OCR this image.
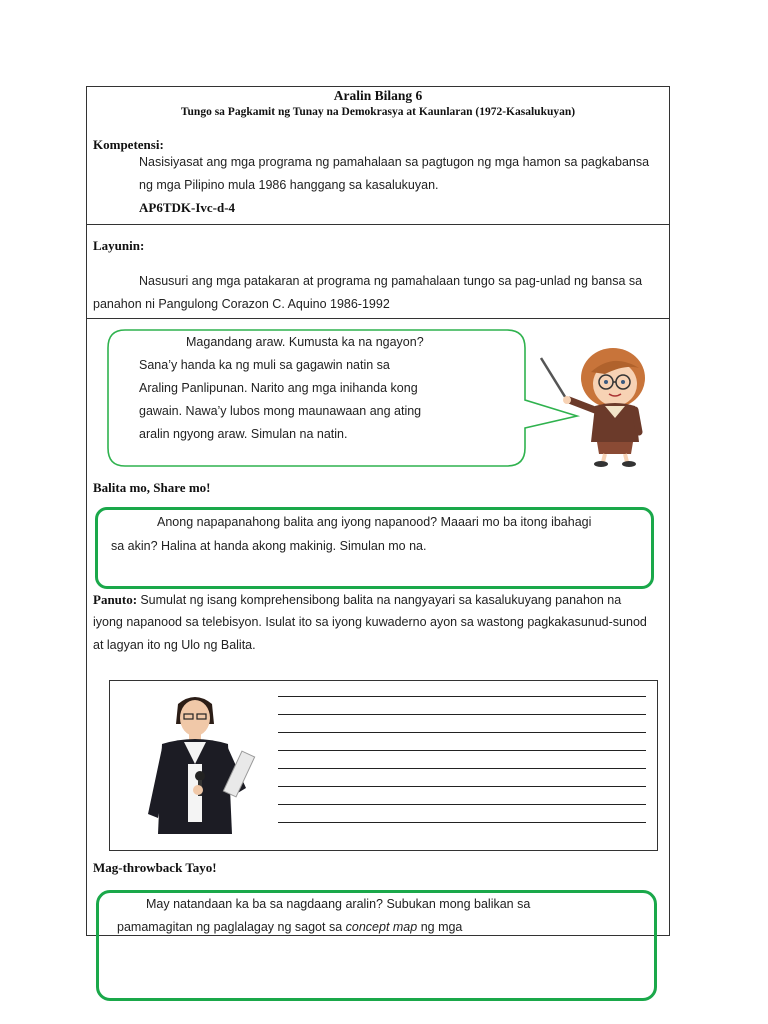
Aralin Bilang 6
Tungo sa Pagkamit ng Tunay na Demokrasya at Kaunlaran (1972-Kasalukuyan)
Kompetensi:
Nasisiyasat ang mga programa ng pamahalaan sa pagtugon ng mga hamon sa pagkabansa
ng mga Pilipino mula 1986 hanggang sa kasalukuyan.
AP6TDK-Ivc-d-4
Layunin:
Nasusuri ang mga patakaran at programa ng pamahalaan tungo sa pag-unlad ng bansa sa
panahon ni Pangulong Corazon C. Aquino 1986-1992
Magandang araw. Kumusta ka na ngayon?
Sana’y handa ka ng muli sa gagawin natin sa
Araling Panlipunan. Narito ang mga inihanda kong
gawain. Nawa’y lubos mong maunawaan ang ating
aralin ngyong araw. Simulan na natin.
Balita mo, Share mo!
Anong napapanahong balita ang iyong napanood? Maaari mo ba itong ibahagi
sa akin? Halina at handa akong makinig. Simulan mo na.
Panuto: Sumulat ng isang komprehensibong balita na nangyayari sa kasalukuyang panahon na
iyong napanood sa telebisyon. Isulat ito sa iyong kuwaderno ayon sa wastong pagkakasunud-sunod
at lagyan ito ng Ulo ng Balita.
Mag-throwback Tayo!
May natandaan ka ba sa nagdaang aralin? Subukan mong balikan sa
pamamagitan ng paglalagay ng sagot sa concept map ng mga
